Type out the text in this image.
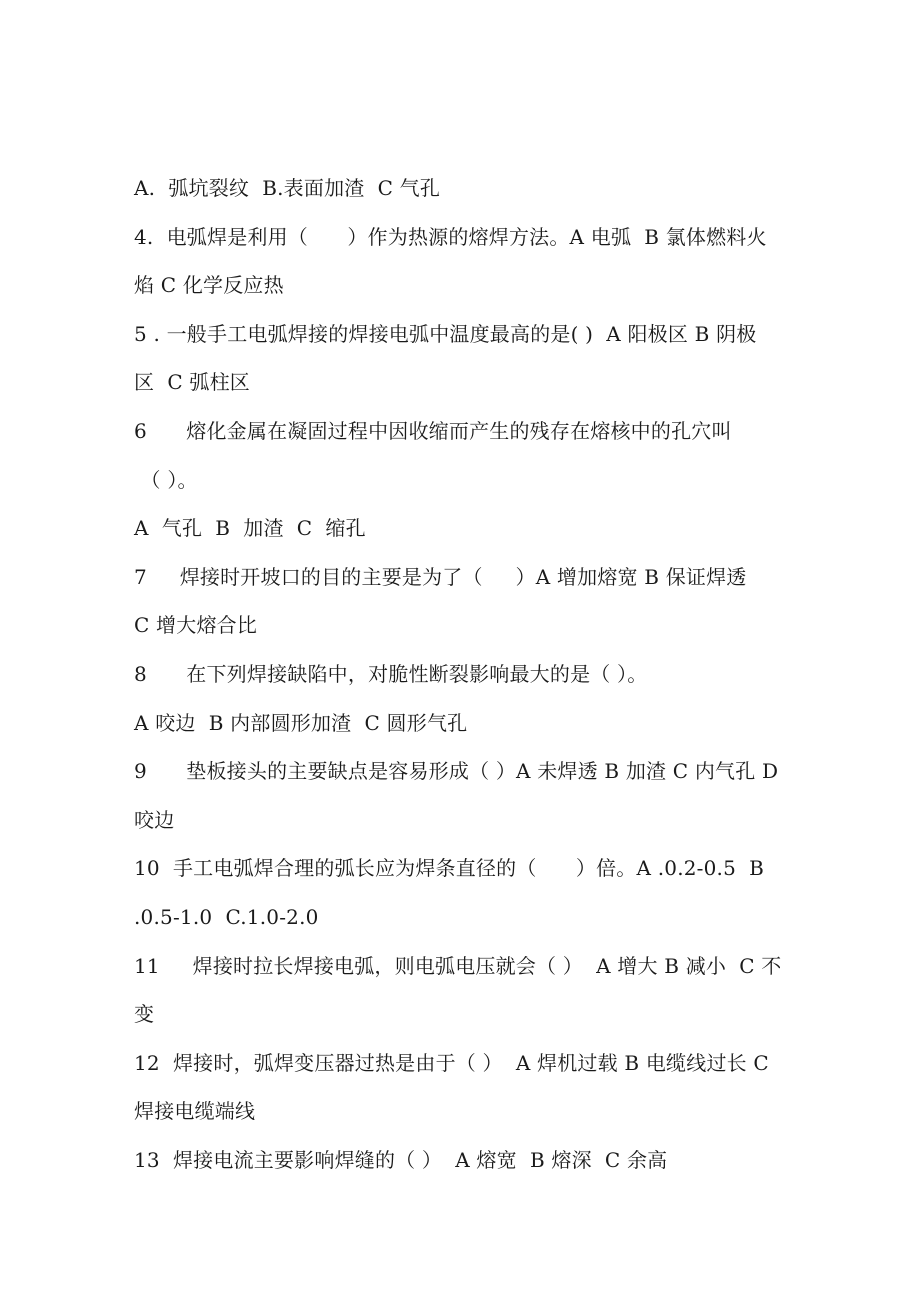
A.  弧坑裂纹  B.表面加渣  C 气孔
4.  电弧焊是利用（      ）作为热源的熔焊方法。A 电弧  B 氯体燃料火
焰 C 化学反应热
5 . 一般手工电弧焊接的焊接电弧中温度最高的是( )  A 阳极区 B 阴极
区  C 弧柱区
6      熔化金属在凝固过程中因收缩而产生的残存在熔核中的孔穴叫
（ ）。
A  气孔  B  加渣  C  缩孔
7     焊接时开坡口的目的主要是为了（     ）A 增加熔宽 B 保证焊透
C 增大熔合比
8      在下列焊接缺陷中，对脆性断裂影响最大的是（ ）。
A 咬边  B 内部圆形加渣  C 圆形气孔
9      垫板接头的主要缺点是容易形成（ ）A 未焊透 B 加渣 C 内气孔 D
咬边
10  手工电弧焊合理的弧长应为焊条直径的（      ）倍。A .0.2-0.5  B
.0.5-1.0  C.1.0-2.0
11     焊接时拉长焊接电弧，则电弧电压就会（ ）  A 增大 B 减小  C 不
变
12  焊接时，弧焊变压器过热是由于（ ）  A 焊机过载 B 电缆线过长 C
焊接电缆端线
13  焊接电流主要影响焊缝的（ ）  A 熔宽  B 熔深  C 余高
